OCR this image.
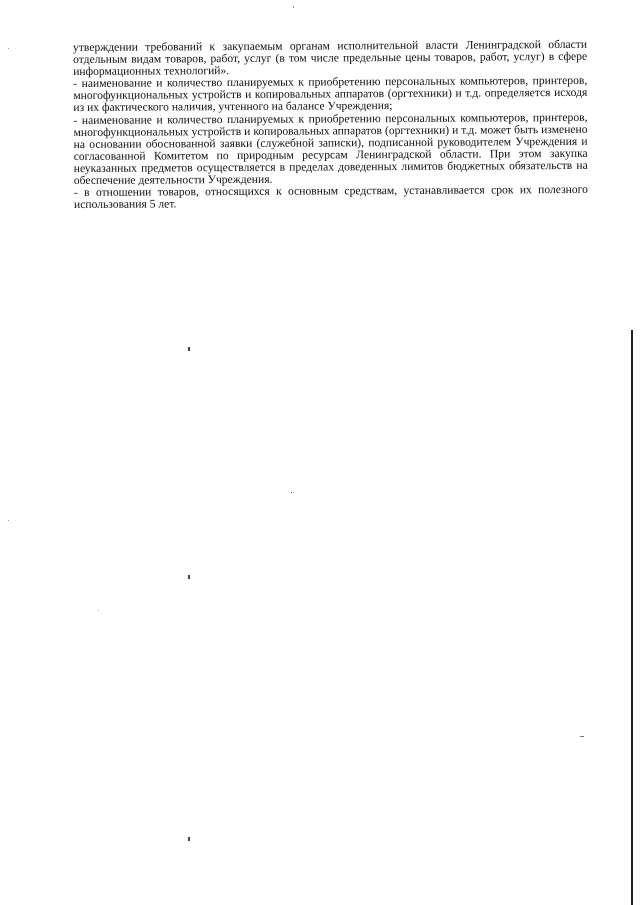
утверждении требований к закупаемым органам исполнительной власти Ленинградской области отдельным видам товаров, работ, услуг (в том числе предельные цены товаров, работ, услуг) в сфере информационных технологий».

- наименование и количество планируемых к приобретению персональных компьютеров, принтеров, многофункциональных устройств и копировальных аппаратов (оргтехники) и т.д. определяется исходя из их фактического наличия, учтенного на балансе Учреждения;

- наименование и количество планируемых к приобретению персональных компьютеров, принтеров, многофункциональных устройств и копировальных аппаратов (оргтехники) и т.д. может быть изменено на основании обоснованной заявки (служебной записки), подписанной руководителем Учреждения и согласованной Комитетом по природным ресурсам Ленинградской области. При этом закупка неуказанных предметов осуществляется в пределах доведенных лимитов бюджетных обязательств на обеспечение деятельности Учреждения.

- в отношении товаров, относящихся к основным средствам, устанавливается срок их полезного использования 5 лет.
